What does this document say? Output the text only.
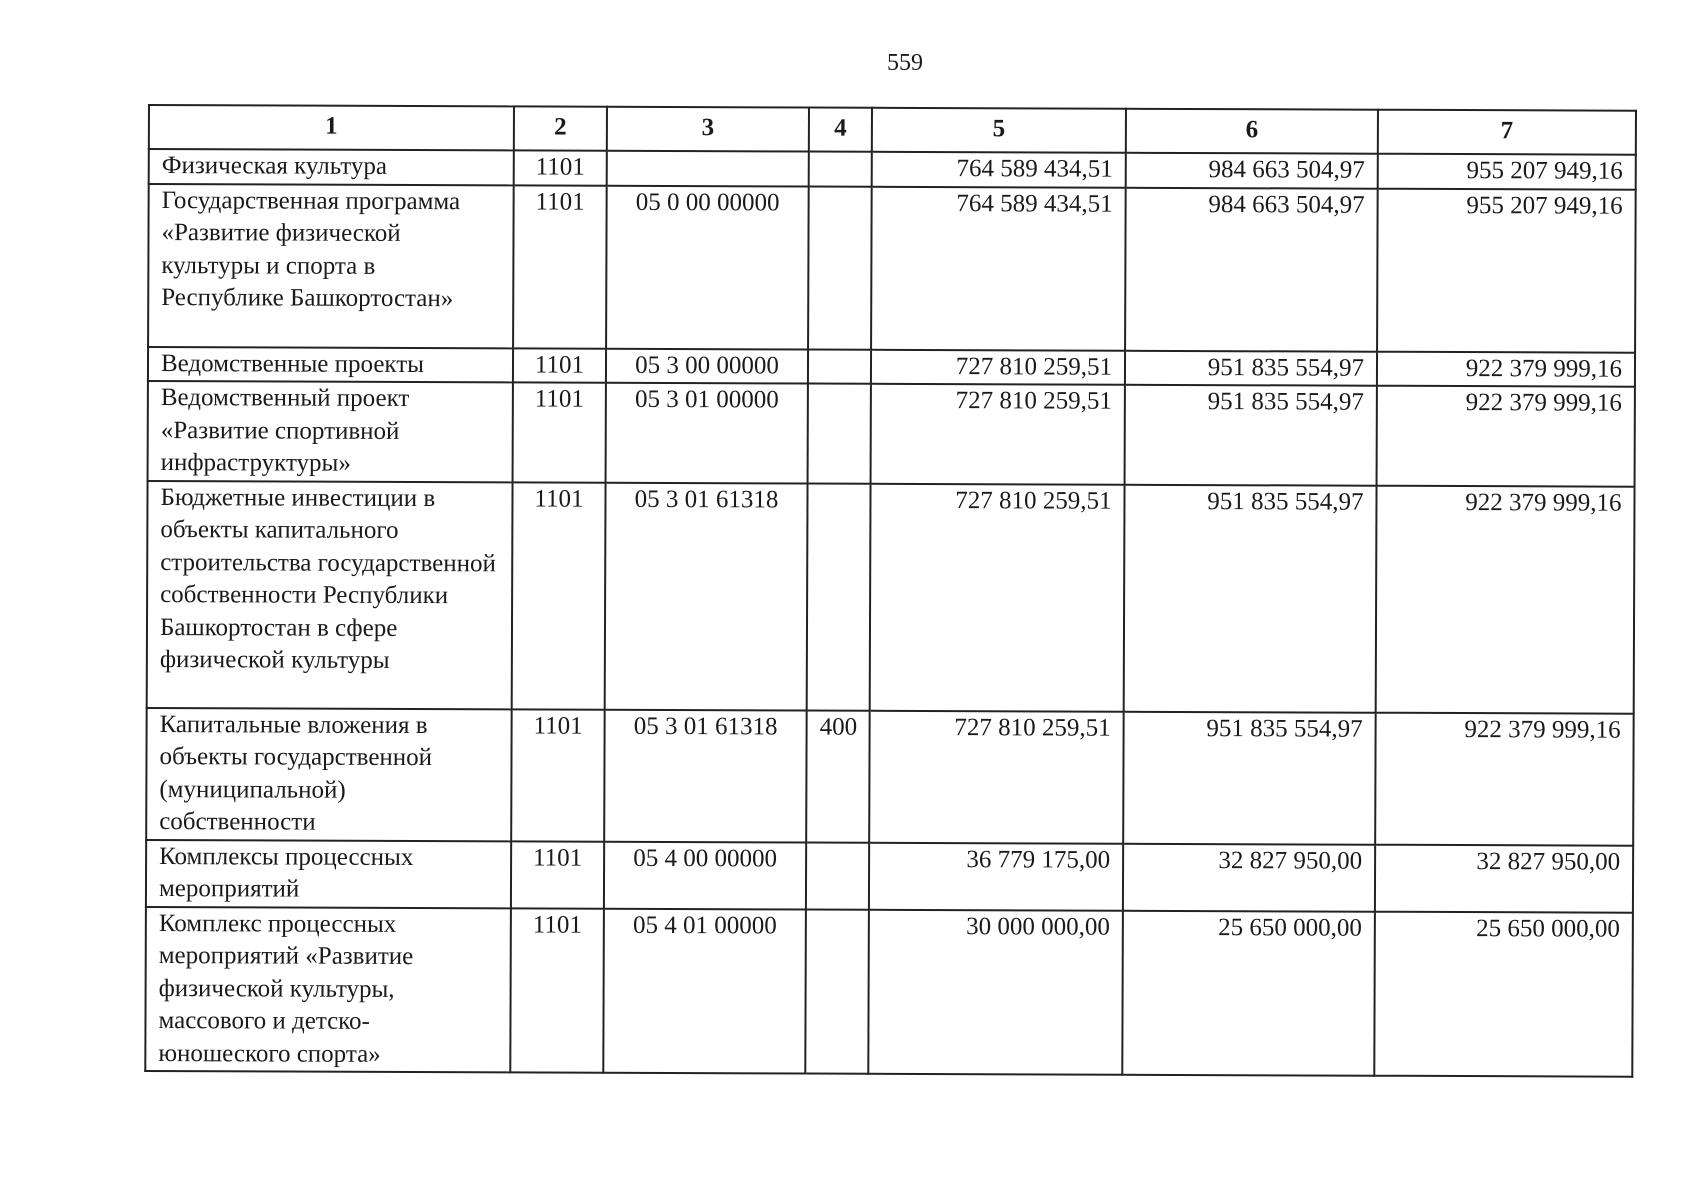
559
1	2	3	4	5	6	7
Физическая культура	1101			764 589 434,51	984 663 504,97	955 207 949,16
Государственная программа «Развитие физической культуры и спорта в Республике Башкортостан»	1101	05 0 00 00000		764 589 434,51	984 663 504,97	955 207 949,16
Ведомственные проекты	1101	05 3 00 00000		727 810 259,51	951 835 554,97	922 379 999,16
Ведомственный проект «Развитие спортивной инфраструктуры»	1101	05 3 01 00000		727 810 259,51	951 835 554,97	922 379 999,16
Бюджетные инвестиции в объекты капитального строительства государственной собственности Республики Башкортостан в сфере физической культуры	1101	05 3 01 61318		727 810 259,51	951 835 554,97	922 379 999,16
Капитальные вложения в объекты государственной (муниципальной) собственности	1101	05 3 01 61318	400	727 810 259,51	951 835 554,97	922 379 999,16
Комплексы процессных мероприятий	1101	05 4 00 00000		36 779 175,00	32 827 950,00	32 827 950,00
Комплекс процессных мероприятий «Развитие физической культуры, массового и детско-юношеского спорта»	1101	05 4 01 00000		30 000 000,00	25 650 000,00	25 650 000,00
